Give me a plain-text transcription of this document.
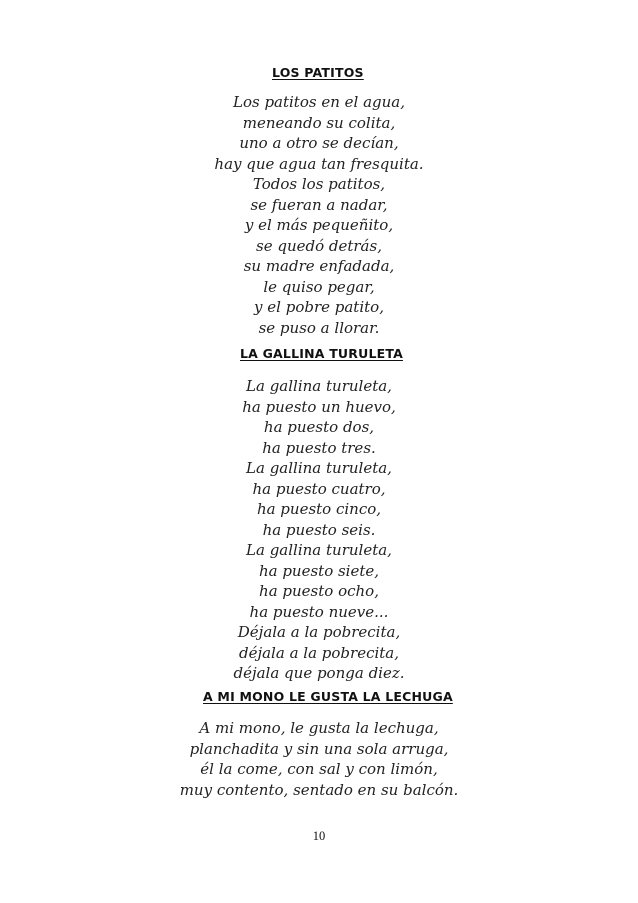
LOS PATITOS
Los patitos en el agua,
meneando su colita,
uno a otro se decían,
hay que agua tan fresquita.
Todos los patitos,
se fueran a nadar,
y el más pequeñito,
se quedó detrás,
su madre enfadada,
le quiso pegar,
y el pobre patito,
se puso a llorar.
LA GALLINA TURULETA
La gallina turuleta,
ha puesto un huevo,
ha puesto dos,
ha puesto tres.
La gallina turuleta,
ha puesto cuatro,
ha puesto cinco,
ha puesto seis.
La gallina turuleta,
ha puesto siete,
ha puesto ocho,
ha puesto nueve...
Déjala a la pobrecita,
déjala a la pobrecita,
déjala que ponga diez.
A MI MONO LE GUSTA LA LECHUGA
A mi mono, le gusta la lechuga,
planchadita y sin una sola arruga,
él la come, con sal y con limón,
muy contento, sentado en su balcón.
10
